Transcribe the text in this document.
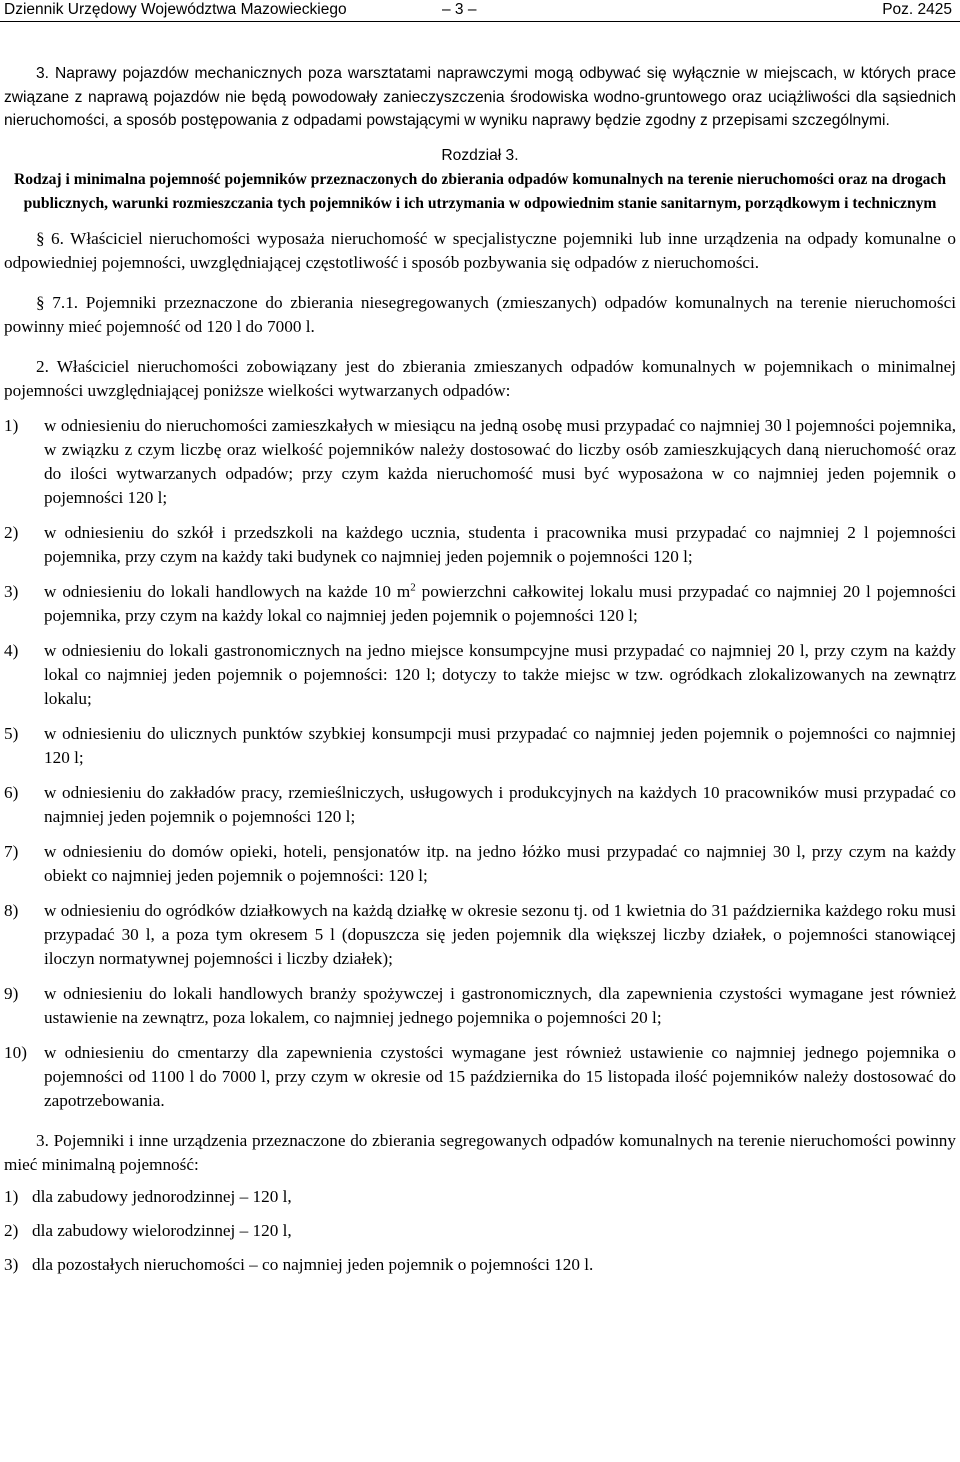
Dziennik Urzędowy Województwa Mazowieckiego	– 3 –	Poz. 2425

3. Naprawy pojazdów mechanicznych poza warsztatami naprawczymi mogą odbywać się wyłącznie w miejscach, w których prace związane z naprawą pojazdów nie będą powodowały zanieczyszczenia środowiska wodno-gruntowego oraz uciążliwości dla sąsiednich nieruchomości, a sposób postępowania z odpadami powstającymi w wyniku naprawy będzie zgodny z przepisami szczególnymi.

Rozdział 3.
Rodzaj i minimalna pojemność pojemników przeznaczonych do zbierania odpadów komunalnych na terenie nieruchomości oraz na drogach publicznych, warunki rozmieszczania tych pojemników i ich utrzymania w odpowiednim stanie sanitarnym, porządkowym i technicznym

§ 6. Właściciel nieruchomości wyposaża nieruchomość w specjalistyczne pojemniki lub inne urządzenia na odpady komunalne o odpowiedniej pojemności, uwzględniającej częstotliwość i sposób pozbywania się odpadów z nieruchomości.

§ 7.1. Pojemniki przeznaczone do zbierania niesegregowanych (zmieszanych) odpadów komunalnych na terenie nieruchomości powinny mieć pojemność od 120 l do 7000 l.

2. Właściciel nieruchomości zobowiązany jest do zbierania zmieszanych odpadów komunalnych w pojemnikach o minimalnej pojemności uwzględniającej poniższe wielkości wytwarzanych odpadów:

1) w odniesieniu do nieruchomości zamieszkałych w miesiącu na jedną osobę musi przypadać co najmniej 30 l pojemności pojemnika, w związku z czym liczbę oraz wielkość pojemników należy dostosować do liczby osób zamieszkujących daną nieruchomość oraz do ilości wytwarzanych odpadów; przy czym każda nieruchomość musi być wyposażona w co najmniej jeden pojemnik o pojemności 120 l;
2) w odniesieniu do szkół i przedszkoli na każdego ucznia, studenta i pracownika musi przypadać co najmniej 2 l pojemności pojemnika, przy czym na każdy taki budynek co najmniej jeden pojemnik o pojemności 120 l;
3) w odniesieniu do lokali handlowych na każde 10 $m^2$ powierzchni całkowitej lokalu musi przypadać co najmniej 20 l pojemności pojemnika, przy czym na każdy lokal co najmniej jeden pojemnik o pojemności 120 l;
4) w odniesieniu do lokali gastronomicznych na jedno miejsce konsumpcyjne musi przypadać co najmniej 20 l, przy czym na każdy lokal co najmniej jeden pojemnik o pojemności: 120 l; dotyczy to także miejsc w tzw. ogródkach zlokalizowanych na zewnątrz lokalu;
5) w odniesieniu do ulicznych punktów szybkiej konsumpcji musi przypadać co najmniej jeden pojemnik o pojemności co najmniej 120 l;
6) w odniesieniu do zakładów pracy, rzemieślniczych, usługowych i produkcyjnych na każdych 10 pracowników musi przypadać co najmniej jeden pojemnik o pojemności 120 l;
7) w odniesieniu do domów opieki, hoteli, pensjonatów itp. na jedno łóżko musi przypadać co najmniej 30 l, przy czym na każdy obiekt co najmniej jeden pojemnik o pojemności: 120 l;
8) w odniesieniu do ogródków działkowych na każdą działkę w okresie sezonu tj. od 1 kwietnia do 31 października każdego roku musi przypadać 30 l, a poza tym okresem 5 l (dopuszcza się jeden pojemnik dla większej liczby działek, o pojemności stanowiącej iloczyn normatywnej pojemności i liczby działek);
9) w odniesieniu do lokali handlowych branży spożywczej i gastronomicznych, dla zapewnienia czystości wymagane jest również ustawienie na zewnątrz, poza lokalem, co najmniej jednego pojemnika o pojemności 20 l;
10) w odniesieniu do cmentarzy dla zapewnienia czystości wymagane jest również ustawienie co najmniej jednego pojemnika o pojemności od 1100 l do 7000 l, przy czym w okresie od 15 października do 15 listopada ilość pojemników należy dostosować do zapotrzebowania.

3. Pojemniki i inne urządzenia przeznaczone do zbierania segregowanych odpadów komunalnych na terenie nieruchomości powinny mieć minimalną pojemność:

1) dla zabudowy jednorodzinnej – 120 l,
2) dla zabudowy wielorodzinnej – 120 l,
3) dla pozostałych nieruchomości – co najmniej jeden pojemnik o pojemności 120 l.
